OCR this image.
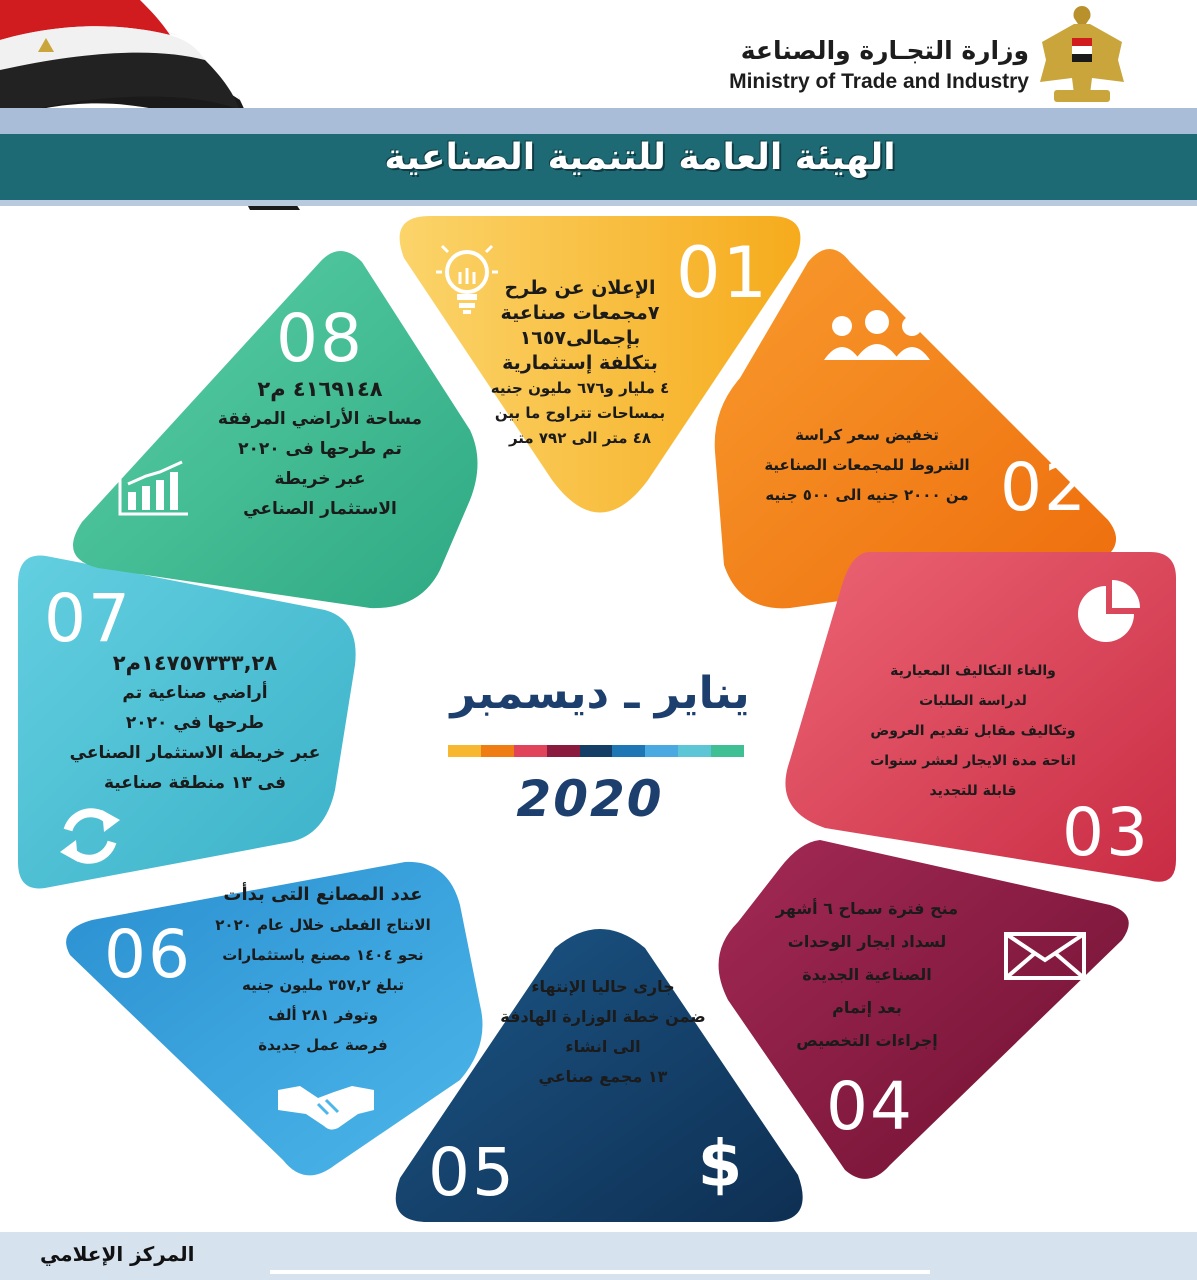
وزارة التجـارة والصناعة
Ministry of Trade and Industry
الهيئة العامة للتنمية الصناعية
$
01
02
03
04
05
06
07
08
الإعلان عن طرح
٧مجمعات صناعية
بإجمالى١٦٥٧
بتكلفة إستثمارية
٤ مليار و٦٧٦ مليون جنيه
بمساحات تتراوح ما بين
٤٨ متر الى ٧٩٢ متر	تخفيض سعر كراسة
الشروط للمجمعات الصناعية
من ٢٠٠٠ جنيه الى ٥٠٠ جنيه
والغاء التكاليف المعيارية
لدراسة الطلبات
وتكاليف مقابل تقديم العروض
اتاحة مدة الايجار لعشر سنوات
قابلة للتجديد
منح فترة سماح ٦ أشهر
لسداد ايجار الوحدات
الصناعية الجديدة
بعد إتمام
إجراءات التخصيص
جارى حاليا الإنتهاء
ضمن خطة الوزارة الهادفة
الى انشاء
١٣ مجمع صناعي
عدد المصانع التى بدأت
الانتاج الفعلى خلال عام ٢٠٢٠
نحو ١٤٠٤ مصنع باستثمارات
تبلغ ٣٥٧,٢ مليون جنيه
وتوفر ٢٨١ ألف
فرصة عمل جديدة
١٤٧٥٧٣٣٣,٢٨م٢
أراضي صناعية تم
طرحها في ٢٠٢٠
عبر خريطة الاستثمار الصناعي
فى ١٣ منطقة صناعية
٤١٦٩١٤٨ م٢
مساحة الأراضي المرفقة
تم طرحها فى ٢٠٢٠
عبر خريطة
الاستثمار الصناعي
يناير ـ ديسمبر
2020
المركز الإعلامي
